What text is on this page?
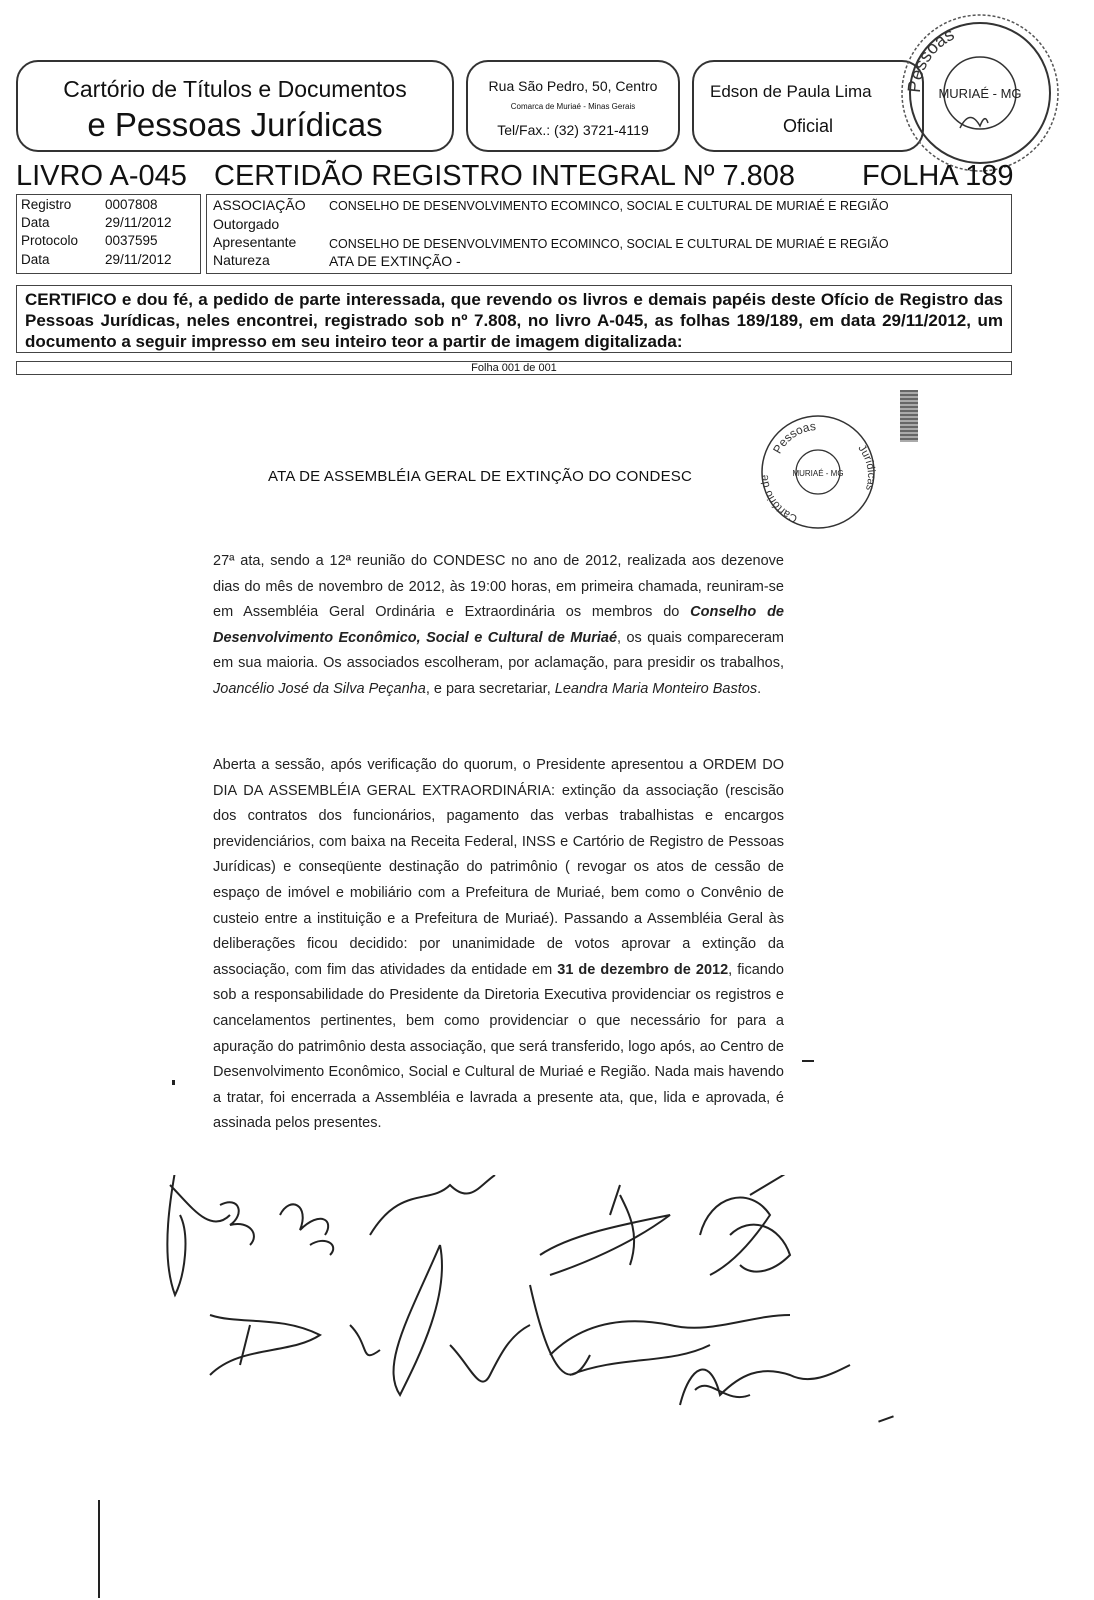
Cartório de Títulos e Documentos
e Pessoas Jurídicas
Rua São Pedro, 50, Centro
Comarca de Muriaé - Minas Gerais
Tel/Fax.: (32) 3721-4119
Edson de Paula Lima
Oficial
Pessoas
MURIAÉ - MG
LIVRO A-045 CERTIDÃO REGISTRO INTEGRAL Nº 7.808 FOLHA 189
Registro 0007808
Data	29/11/2012
Protocolo 0037595
Data	29/11/2012
ASSOCIAÇÃO CONSELHO DE DESENVOLVIMENTO ECOMINCO, SOCIAL E CULTURAL DE MURIAÉ E REGIÃO
Outorgado
Apresentante	CONSELHO DE DESENVOLVIMENTO ECOMINCO, SOCIAL E CULTURAL DE MURIAÉ E REGIÃO
Natureza	ATA DE EXTINÇÃO -
CERTIFICO e dou fé, a pedido de parte interessada, que revendo os livros e demais papéis deste Ofício de Registro das Pessoas Jurídicas, neles encontrei, registrado sob nº 7.808, no livro A-045, as folhas 189/189, em data 29/11/2012, um documento a seguir impresso em seu inteiro teor a partir de imagem digitalizada:
Folha 001 de 001
Pessoas
Cartório de
Jurídicas
MURIAÉ - MG
ATA DE ASSEMBLÉIA GERAL DE EXTINÇÃO DO CONDESC
27ª ata, sendo a 12ª reunião do CONDESC no ano de 2012, realizada aos dezenove dias do mês de novembro de 2012, às 19:00 horas, em primeira chamada, reuniram-se em Assembléia Geral Ordinária e Extraordinária os membros do Conselho de Desenvolvimento Econômico, Social e Cultural de Muriaé, os quais compareceram em sua maioria. Os associados escolheram, por aclamação, para presidir os trabalhos, Joancélio José da Silva Peçanha, e para secretariar, Leandra Maria Monteiro Bastos.
Aberta a sessão, após verificação do quorum, o Presidente apresentou a ORDEM DO DIA DA ASSEMBLÉIA GERAL EXTRAORDINÁRIA: extinção da associação (rescisão dos contratos dos funcionários, pagamento das verbas trabalhistas e encargos previdenciários, com baixa na Receita Federal, INSS e Cartório de Registro de Pessoas Jurídicas) e conseqüente destinação do patrimônio ( revogar os atos de cessão de espaço de imóvel e mobiliário com a Prefeitura de Muriaé, bem como o Convênio de custeio entre a instituição e a Prefeitura de Muriaé). Passando a Assembléia Geral às deliberações ficou decidido: por unanimidade de votos aprovar a extinção da associação, com fim das atividades da entidade em 31 de dezembro de 2012, ficando sob a responsabilidade do Presidente da Diretoria Executiva providenciar os registros e cancelamentos pertinentes, bem como providenciar o que necessário for para a apuração do patrimônio desta associação, que será transferido, logo após, ao Centro de Desenvolvimento Econômico, Social e Cultural de Muriaé e Região. Nada mais havendo a tratar, foi encerrada a Assembléia e lavrada a presente ata, que, lida e aprovada, é assinada pelos presentes.
